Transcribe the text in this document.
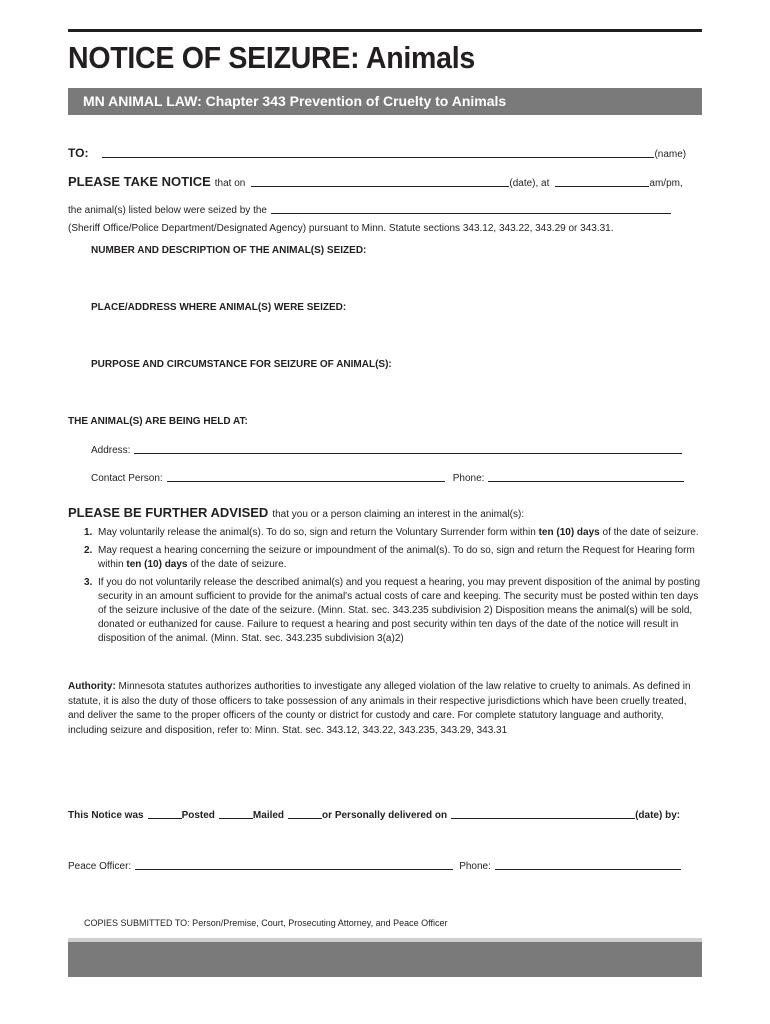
NOTICE OF SEIZURE: Animals
MN ANIMAL LAW: Chapter 343 Prevention of Cruelty to Animals
TO:	(name)
PLEASE TAKE NOTICE that on	(date), at	am/pm,
the animal(s) listed below were seized by the
(Sheriff Office/Police Department/Designated Agency) pursuant to Minn. Statute sections 343.12, 343.22, 343.29 or 343.31.
NUMBER AND DESCRIPTION OF THE ANIMAL(S) SEIZED:
PLACE/ADDRESS WHERE ANIMAL(S) WERE SEIZED:
PURPOSE AND CIRCUMSTANCE FOR SEIZURE OF ANIMAL(S):
THE ANIMAL(S) ARE BEING HELD AT:
Address:
Contact Person:	Phone:
PLEASE BE FURTHER ADVISED that you or a person claiming an interest in the animal(s):
1. May voluntarily release the animal(s). To do so, sign and return the Voluntary Surrender form within ten (10) days of the date of seizure.
2. May request a hearing concerning the seizure or impoundment of the animal(s). To do so, sign and return the Request for Hearing form within ten (10) days of the date of seizure.
3. If you do not voluntarily release the described animal(s) and you request a hearing, you may prevent disposition of the animal by posting security in an amount sufficient to provide for the animal's actual costs of care and keeping. The security must be posted within ten days of the seizure inclusive of the date of the seizure. (Minn. Stat. sec. 343.235 subdivision 2) Disposition means the animal(s) will be sold, donated or euthanized for cause. Failure to request a hearing and post security within ten days of the date of the notice will result in disposition of the animal. (Minn. Stat. sec. 343.235 subdivision 3(a)2)
Authority: Minnesota statutes authorizes authorities to investigate any alleged violation of the law relative to cruelty to animals. As defined in statute, it is also the duty of those officers to take possession of any animals in their respective jurisdictions which have been cruelly treated, and deliver the same to the proper officers of the county or district for custody and care. For complete statutory language and authority, including seizure and disposition, refer to: Minn. Stat. sec. 343.12, 343.22, 343.235, 343.29, 343.31
This Notice was	Posted	Mailed	or Personally delivered on	(date) by:
Peace Officer:	Phone:
COPIES SUBMITTED TO: Person/Premise, Court, Prosecuting Attorney, and Peace Officer
